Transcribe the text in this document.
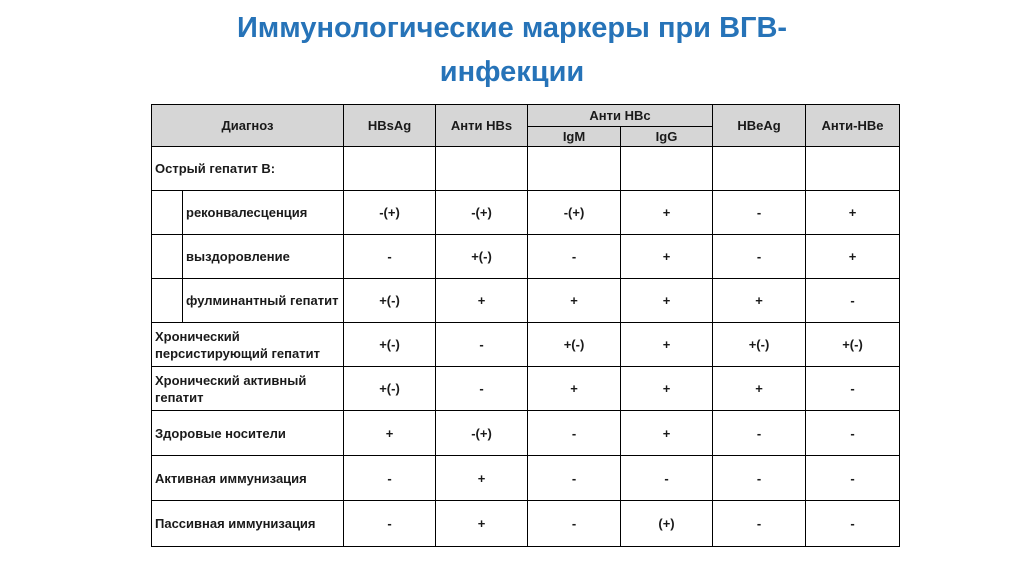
Иммунологические маркеры при ВГВ-
инфекции
Диагноз		HBsAg	Анти HBs	Анти HBc		HBeAg	Анти-HBe
				IgM	IgG		
Острый гепатит В:							
	реконвалесценция	-(+)	-(+)	-(+)	+	-	+
	выздоровление	-	+(-)	-	+	-	+
	фулминантный гепатит	+(-)	+	+	+	+	-
Хронический персистирующий гепатит		+(-)	-	+(-)	+	+(-)	+(-)
Хронический активный гепатит		+(-)	-	+	+	+	-
Здоровые носители		+	-(+)	-	+	-	-
Активная иммунизация		-	+	-	-	-	-
Пассивная иммунизация		-	+	-	(+)	-	-
